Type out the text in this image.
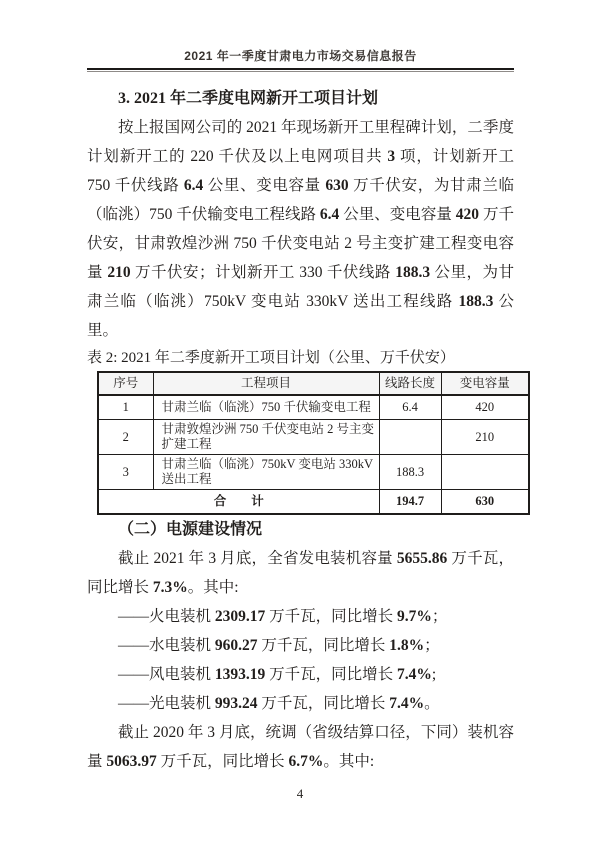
2021 年一季度甘肃电力市场交易信息报告

3. 2021 年二季度电网新开工项目计划

按上报国网公司的 2021 年现场新开工里程碑计划，二季度计划新开工的 220 千伏及以上电网项目共 3 项，计划新开工 750 千伏线路 6.4 公里、变电容量 630 万千伏安，为甘肃兰临（临洮）750 千伏输变电工程线路 6.4 公里、变电容量 420 万千伏安，甘肃敦煌沙洲 750 千伏变电站 2 号主变扩建工程变电容量 210 万千伏安；计划新开工 330 千伏线路 188.3 公里，为甘肃兰临（临洮）750kV 变电站 330kV 送出工程线路 188.3 公里。

表 2: 2021 年二季度新开工项目计划（公里、万千伏安）

序号	工程项目	线路长度	变电容量
1	甘肃兰临（临洮）750 千伏输变电工程	6.4	420
2	甘肃敦煌沙洲 750 千伏变电站 2 号主变扩建工程		210
3	甘肃兰临（临洮）750kV 变电站 330kV 送出工程	188.3	
合　　计		194.7	630

（二）电源建设情况

截止 2021 年 3 月底，全省发电装机容量 5655.86 万千瓦，同比增长 7.3%。其中:

——火电装机 2309.17 万千瓦，同比增长 9.7%；

——水电装机 960.27 万千瓦，同比增长 1.8%；

——风电装机 1393.19 万千瓦，同比增长 7.4%;

——光电装机 993.24 万千瓦，同比增长 7.4%。

截止 2020 年 3 月底，统调（省级结算口径，下同）装机容量 5063.97 万千瓦，同比增长 6.7%。其中:

4
